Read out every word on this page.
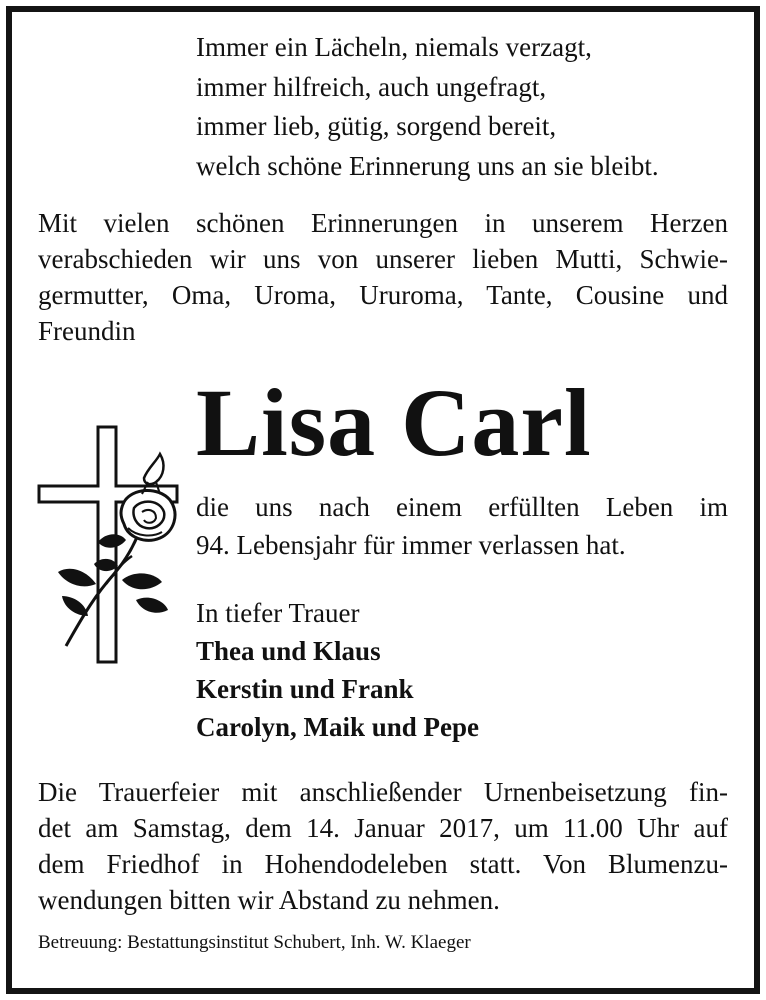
Immer ein Lächeln, niemals verzagt,
immer hilfreich, auch ungefragt,
immer lieb, gütig, sorgend bereit,
welch schöne Erinnerung uns an sie bleibt.
Mit vielen schönen Erinnerungen in unserem Herzen
verabschieden wir uns von unserer lieben Mutti, Schwie-
germutter, Oma, Uroma, Ururoma, Tante, Cousine und
Freundin
Lisa Carl
die uns nach einem erfüllten Leben im
94. Lebensjahr für immer verlassen hat.
In tiefer Trauer
Thea und Klaus
Kerstin und Frank
Carolyn, Maik und Pepe
Die Trauerfeier mit anschließender Urnenbeisetzung fin-
det am Samstag, dem 14. Januar 2017, um 11.00 Uhr auf
dem Friedhof in Hohendodeleben statt. Von Blumenzu-
wendungen bitten wir Abstand zu nehmen.
Betreuung: Bestattungsinstitut Schubert, Inh. W. Klaeger
